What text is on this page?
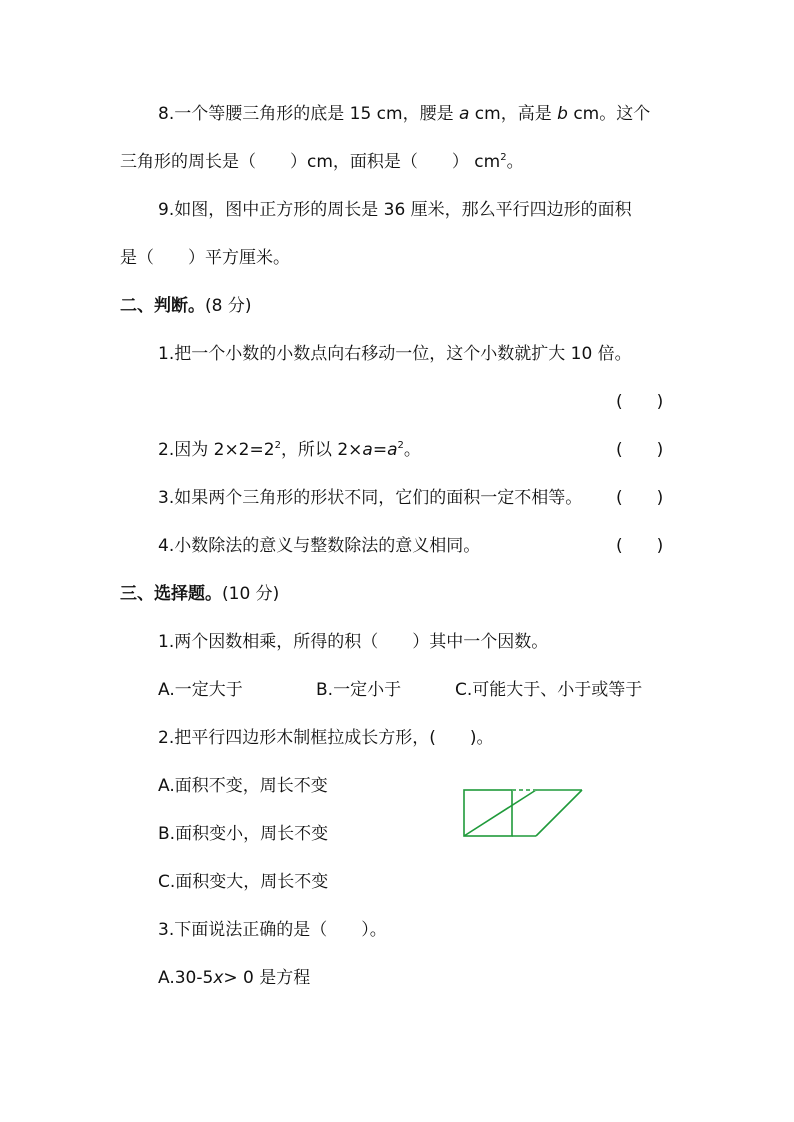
8.一个等腰三角形的底是 15 cm，腰是 a cm，高是 b cm。这个
三角形的周长是（　　）cm，面积是（　　） $cm^2$。
9.如图，图中正方形的周长是 36 厘米，那么平行四边形的面积
是（　　）平方厘米。
二、判断。(8 分)
1.把一个小数的小数点向右移动一位，这个小数就扩大 10 倍。
(　　)
2.因为 $2\times 2=2^2$，所以 $2\times a=a^2$。	(　　)
3.如果两个三角形的形状不同，它们的面积一定不相等。 (　　)
4.小数除法的意义与整数除法的意义相同。	(　　)
三、选择题。(10 分)
1.两个因数相乘，所得的积（　　）其中一个因数。
A.一定大于	B.一定小于	C.可能大于、小于或等于
2.把平行四边形木制框拉成长方形，(　　)。
A.面积不变，周长不变
B.面积变小，周长不变
C.面积变大，周长不变
3.下面说法正确的是（　　）。
A.30-5x> 0 是方程
